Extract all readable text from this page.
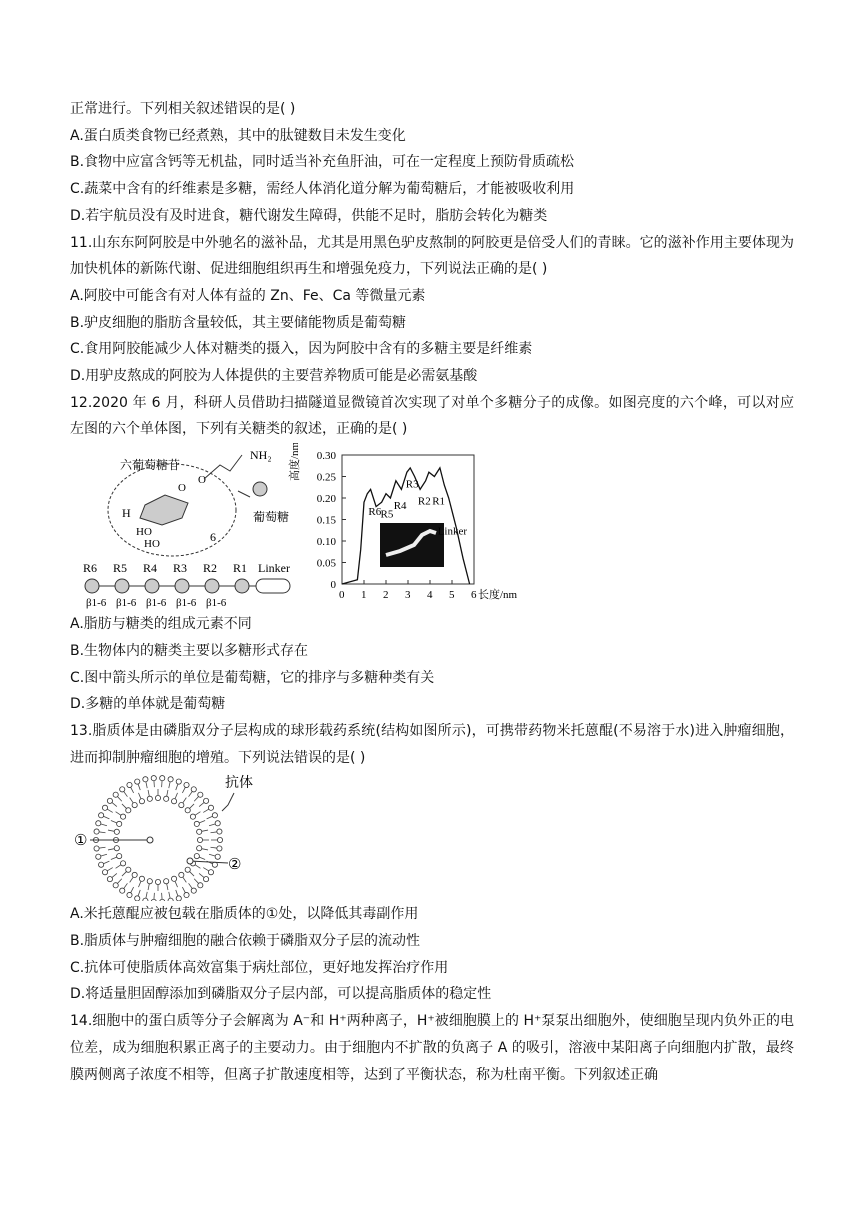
正常进行。下列相关叙述错误的是( )
A.蛋白质类食物已经煮熟，其中的肽键数目未发生变化
B.食物中应富含钙等无机盐，同时适当补充鱼肝油，可在一定程度上预防骨质疏松
C.蔬菜中含有的纤维素是多糖，需经人体消化道分解为葡萄糖后，才能被吸收利用
D.若宇航员没有及时进食，糖代谢发生障碍，供能不足时，脂肪会转化为糖类
11.山东东阿阿胶是中外驰名的滋补品，尤其是用黑色驴皮熬制的阿胶更是倍受人们的青睐。它的滋补作用主要体现为加快机体的新陈代谢、促进细胞组织再生和增强免疫力，下列说法正确的是( )
A.阿胶中可能含有对人体有益的 Zn、Fe、Ca 等微量元素
B.驴皮细胞的脂肪含量较低，其主要储能物质是葡萄糖
C.食用阿胶能减少人体对糖类的摄入，因为阿胶中含有的多糖主要是纤维素
D.用驴皮熬成的阿胶为人体提供的主要营养物质可能是必需氨基酸
12.2020 年 6 月，科研人员借助扫描隧道显微镜首次实现了对单个多糖分子的成像。如图亮度的六个峰，可以对应左图的六个单体图，下列有关糖类的叙述，正确的是( )
六葡萄糖苷
H
HO
HO
O
O
6
NH₂
葡萄糖
R6 R5 R4 R3 R2 R1 Linker
β1-6 β1-6 β1-6 β1-6 β1-6
0 1 2 3 4 5 6
0
0.05
0.10
0.15
0.20
0.25
0.30
长度/nm
高度/nm
R6 R5
R4
R3
R2 R1
Linker
A.脂肪与糖类的组成元素不同
B.生物体内的糖类主要以多糖形式存在
C.图中箭头所示的单位是葡萄糖，它的排序与多糖种类有关
D.多糖的单体就是葡萄糖
13.脂质体是由磷脂双分子层构成的球形载药系统(结构如图所示)，可携带药物米托蒽醌(不易溶于水)进入肿瘤细胞，进而抑制肿瘤细胞的增殖。下列说法错误的是( )
抗体
①
②
A.米托蒽醌应被包载在脂质体的①处，以降低其毒副作用
B.脂质体与肿瘤细胞的融合依赖于磷脂双分子层的流动性
C.抗体可使脂质体高效富集于病灶部位，更好地发挥治疗作用
D.将适量胆固醇添加到磷脂双分子层内部，可以提高脂质体的稳定性
14.细胞中的蛋白质等分子会解离为 A⁻和 H⁺两种离子，H⁺被细胞膜上的 H⁺泵泵出细胞外，使细胞呈现内负外正的电位差，成为细胞积累正离子的主要动力。由于细胞内不扩散的负离子 A 的吸引，溶液中某阳离子向细胞内扩散，最终膜两侧离子浓度不相等，但离子扩散速度相等，达到了平衡状态，称为杜南平衡。下列叙述正确
